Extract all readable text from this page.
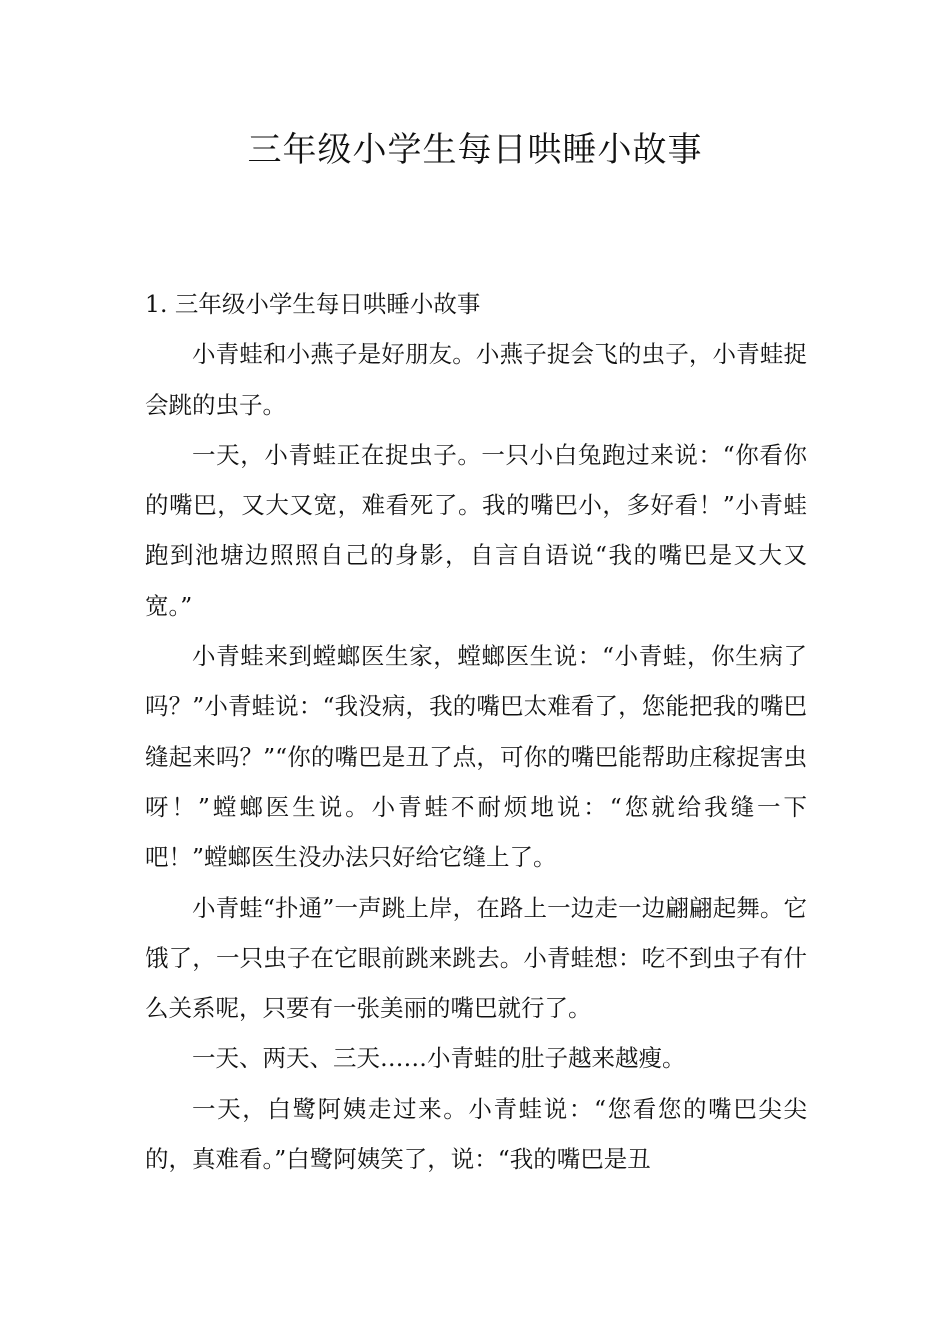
三年级小学生每日哄睡小故事

1. 三年级小学生每日哄睡小故事

小青蛙和小燕子是好朋友。小燕子捉会飞的虫子，小青蛙捉会跳的虫子。

一天，小青蛙正在捉虫子。一只小白兔跑过来说：“你看你的嘴巴，又大又宽，难看死了。我的嘴巴小，多好看！”小青蛙跑到池塘边照照自己的身影，自言自语说“我的嘴巴是又大又宽。”

小青蛙来到螳螂医生家，螳螂医生说：“小青蛙，你生病了吗？”小青蛙说：“我没病，我的嘴巴太难看了，您能把我的嘴巴缝起来吗？”“你的嘴巴是丑了点，可你的嘴巴能帮助庄稼捉害虫呀！”螳螂医生说。小青蛙不耐烦地说：“您就给我缝一下吧！”螳螂医生没办法只好给它缝上了。

小青蛙“扑通”一声跳上岸，在路上一边走一边翩翩起舞。它饿了，一只虫子在它眼前跳来跳去。小青蛙想：吃不到虫子有什么关系呢，只要有一张美丽的嘴巴就行了。

一天、两天、三天……小青蛙的肚子越来越瘦。

一天，白鹭阿姨走过来。小青蛙说：“您看您的嘴巴尖尖的，真难看。”白鹭阿姨笑了，说：“我的嘴巴是丑
